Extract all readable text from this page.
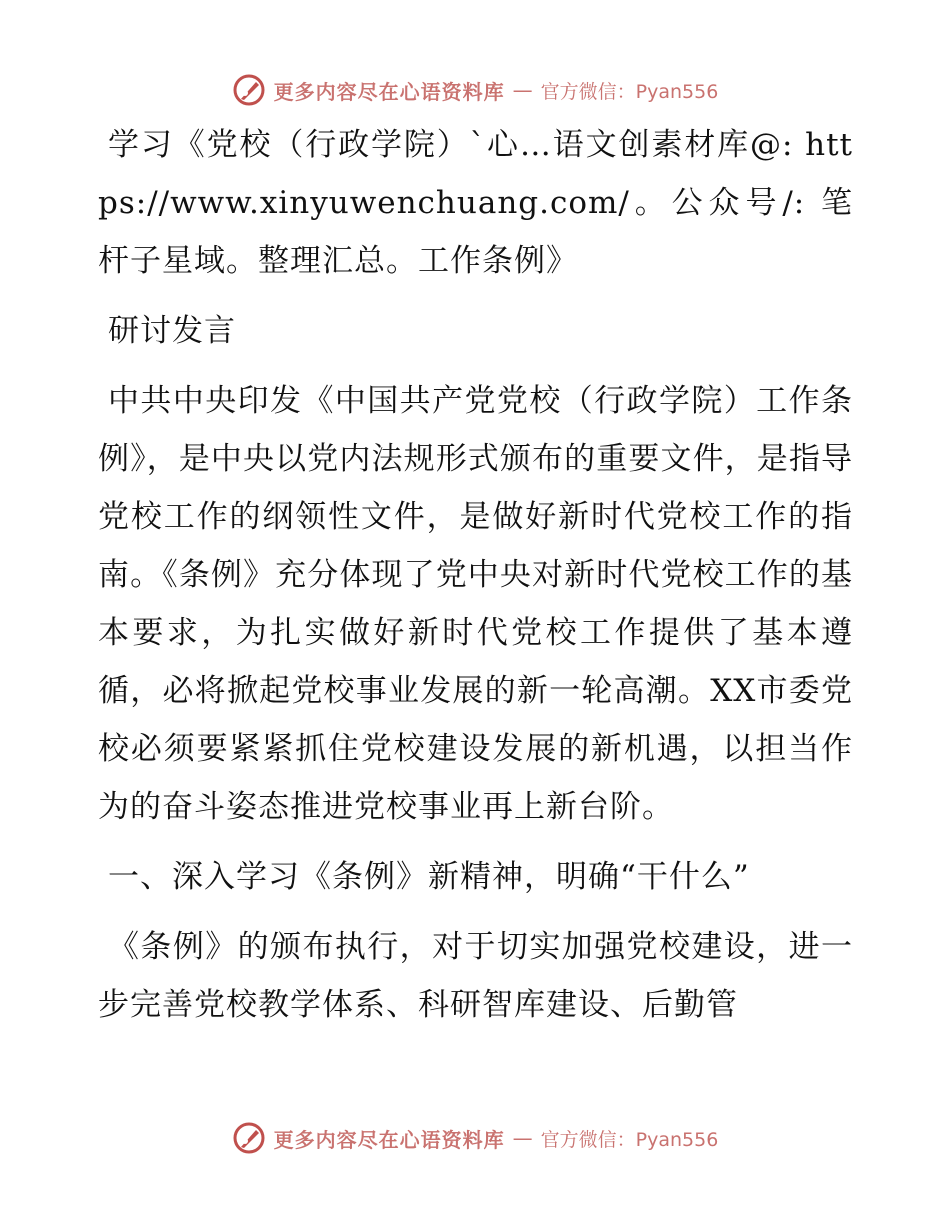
更多内容尽在心语资料库 — 官方微信：Pyan556

学习《党校（行政学院）`心…语文创素材库@: https://www.xinyuwenchuang.com/。公众号/: 笔杆子星域。整理汇总。工作条例》

研讨发言

中共中央印发《中国共产党党校（行政学院）工作条例》，是中央以党内法规形式颁布的重要文件，是指导党校工作的纲领性文件，是做好新时代党校工作的指南。《条例》充分体现了党中央对新时代党校工作的基本要求，为扎实做好新时代党校工作提供了基本遵循，必将掀起党校事业发展的新一轮高潮。XX市委党校必须要紧紧抓住党校建设发展的新机遇，以担当作为的奋斗姿态推进党校事业再上新台阶。

一、深入学习《条例》新精神，明确“干什么”

《条例》的颁布执行，对于切实加强党校建设，进一步完善党校教学体系、科研智库建设、后勤管

更多内容尽在心语资料库 — 官方微信：Pyan556
